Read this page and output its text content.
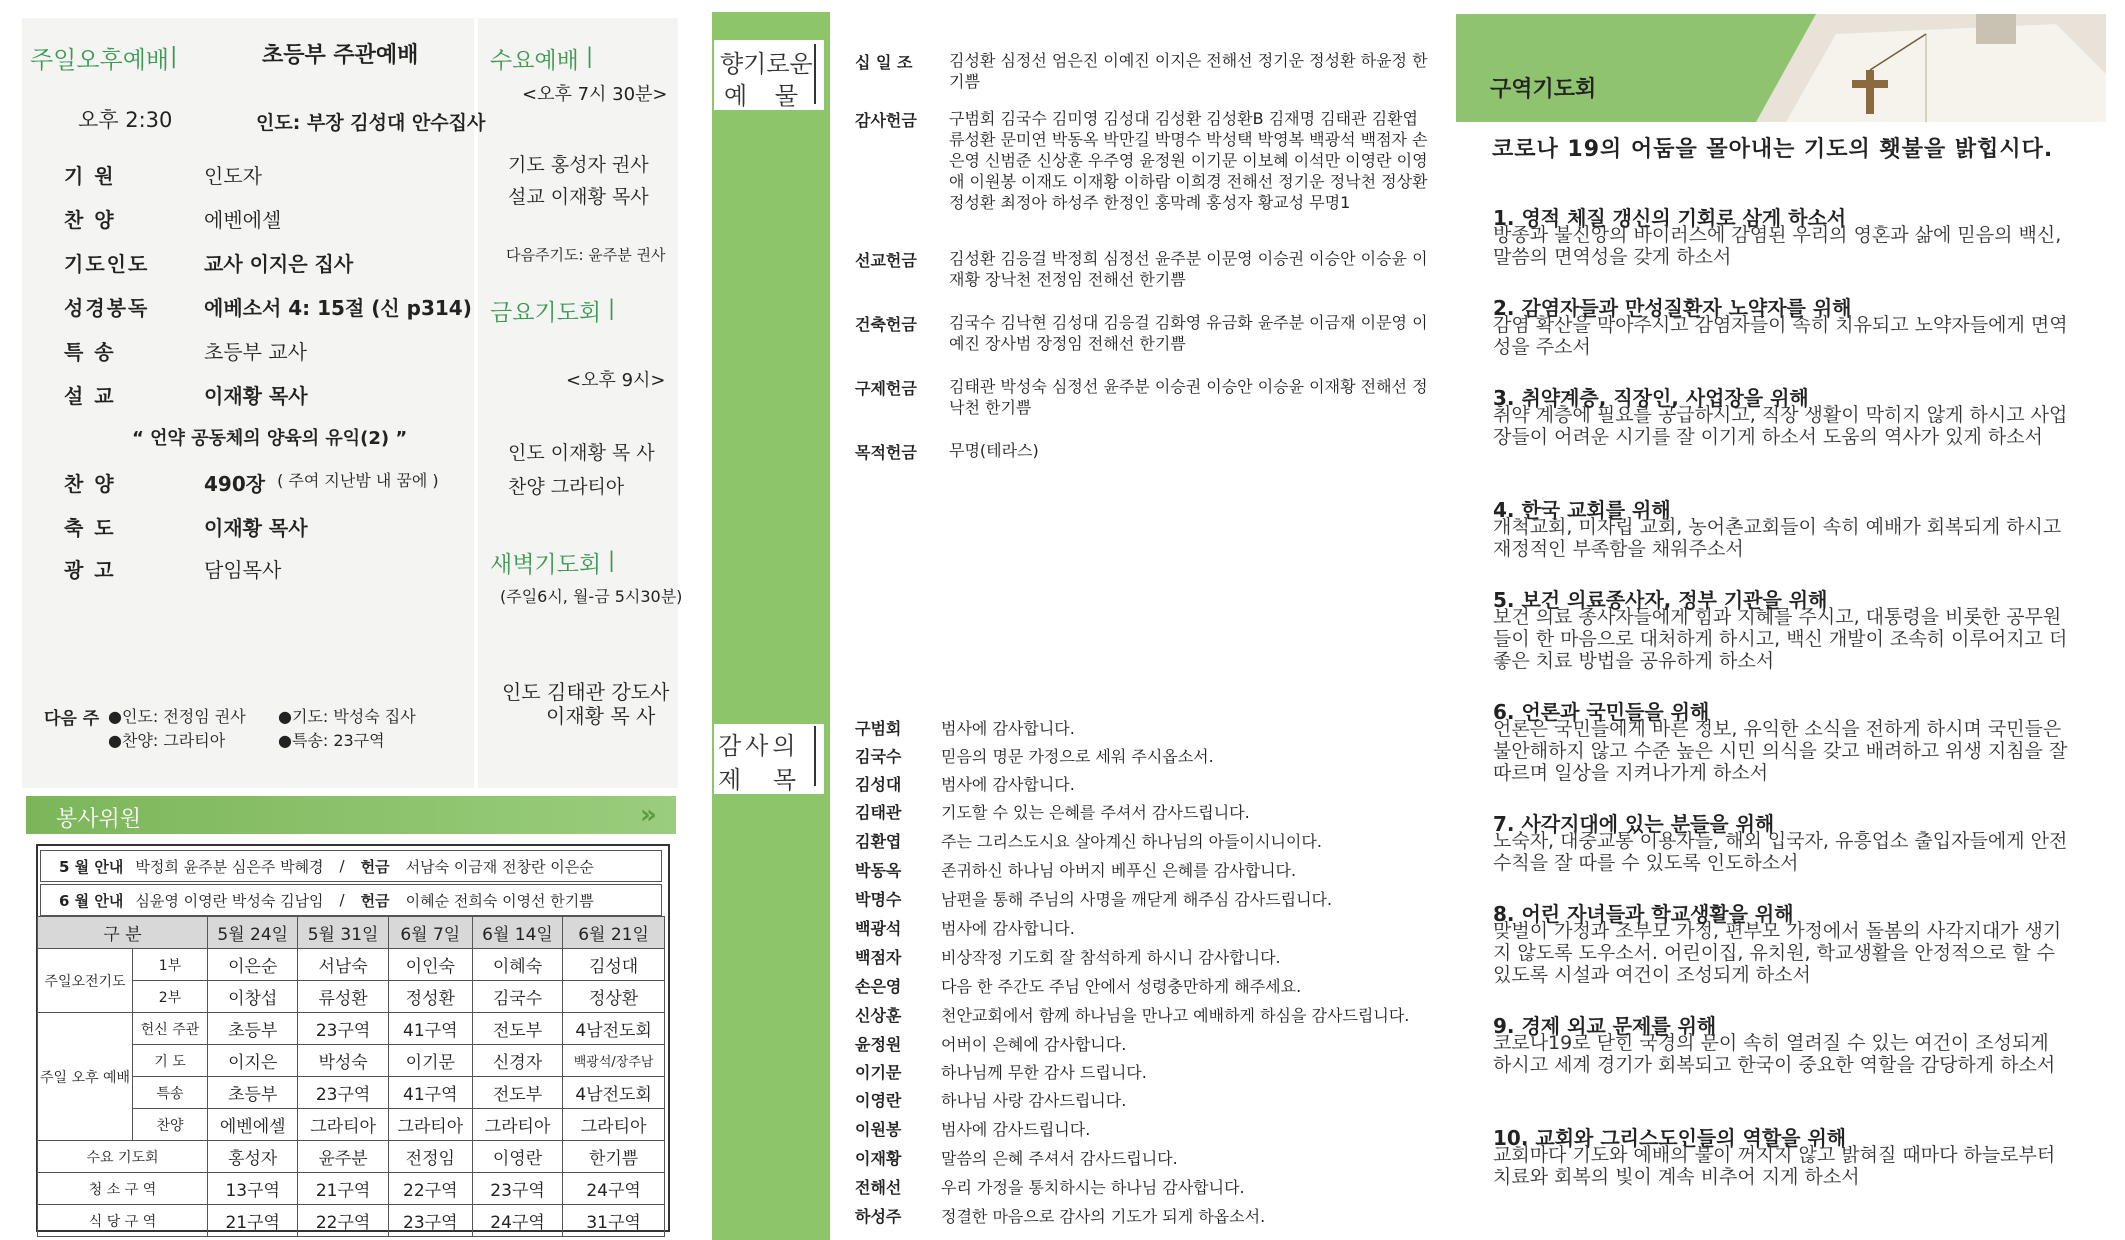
주일오후예배 |	초등부 주관예배
오후 2:30	인도: 부장 김성대 안수집사
기 원	인도자
찬 양	에벤에셀
기도인도	교사 이지은 집사
성경봉독	에베소서 4: 15절 (신 p314)
특 송	초등부 교사
설 교	이재황 목사
“ 언약 공동체의 양육의 유익(2) ”
찬 양	490장 ( 주여 지난밤 내 꿈에 )
축 도	이재황 목사
광 고	담임목사
다음 주 ●인도: 전정임 권사 ●기도: 박성숙 집사
●찬양: 그라티아	●특송: 23구역
수요예배 |
<오후 7시 30분>
기도 홍성자 권사
설교 이재황 목사
다음주기도: 윤주분 권사
금요기도회 |
<오후 9시>
인도 이재황 목 사
찬양 그라티아
새벽기도회 |
(주일6시, 월-금 5시30분)
인도 김태관 강도사
이재황 목 사
봉사위원	»
5 월 안내 박정희 윤주분 심은주 박혜경 / 헌금 서남숙 이금재 전창란 이은순
6 월 안내 심윤영 이영란 박성숙 김남임 / 헌금 이혜순 전희숙 이영선 한기쁨
구 분		5월 24일	5월 31일	6월 7일	6월 14일	6월 21일
주일오전기도	1부	이은순	서남숙	이인숙	이혜숙	김성대
	2부	이창섭	류성환	정성환	김국수	정상환
주일 오후 예배	헌신 주관	초등부	23구역	41구역	전도부	4남전도회
	기 도	이지은	박성숙	이기문	신경자	백광석/장주남
	특송	초등부	23구역	41구역	전도부	4남전도회
	찬양	에벤에셀	그라티아	그라티아	그라티아	그라티아
수요 기도회		홍성자	윤주분	전정임	이영란	한기쁨
청 소 구 역		13구역	21구역	22구역	23구역	24구역
식 당 구 역		21구역	22구역	23구역	24구역	31구역
향기로운
예 물
감사의
제 목
십 일 조	김성환 심정선 엄은진 이예진 이지은 전해선 정기운 정성환 하윤정 한기쁨
감사헌금	구범회 김국수 김미영 김성대 김성환 김성환B 김재명 김태관 김환엽 류성환 문미연 박동옥 박만길 박명수 박성택 박영복 백광석 백점자 손은영 신범준 신상훈 우주영 윤정원 이기문 이보혜 이석만 이영란 이영애 이원봉 이재도 이재황 이하람 이희경 전해선 정기운 정낙천 정상환 정성환 최정아 하성주 한정인 홍막례 홍성자 황교성 무명1
선교헌금	김성환 김응걸 박정희 심정선 윤주분 이문영 이승권 이승안 이승윤 이재황 장낙천 전정임 전해선 한기쁨
건축헌금	김국수 김낙현 김성대 김응걸 김화영 유금화 윤주분 이금재 이문영 이예진 장사범 장정임 전해선 한기쁨
구제헌금	김태관 박성숙 심정선 윤주분 이승권 이승안 이승윤 이재황 전해선 정낙천 한기쁨
목적헌금	무명(테라스)
구범회	범사에 감사합니다.
김국수	믿음의 명문 가정으로 세워 주시옵소서.
김성대	범사에 감사합니다.
김태관	기도할 수 있는 은혜를 주셔서 감사드립니다.
김환엽	주는 그리스도시요 살아계신 하나님의 아들이시니이다.
박동옥	존귀하신 하나님 아버지 베푸신 은혜를 감사합니다.
박명수	남편을 통해 주님의 사명을 깨닫게 해주심 감사드립니다.
백광석	범사에 감사합니다.
백점자	비상작정 기도회 잘 참석하게 하시니 감사합니다.
손은영	다음 한 주간도 주님 안에서 성령충만하게 해주세요.
신상훈	천안교회에서 함께 하나님을 만나고 예배하게 하심을 감사드립니다.
윤정원	어버이 은혜에 감사합니다.
이기문	하나님께 무한 감사 드립니다.
이영란	하나님 사랑 감사드립니다.
이원봉	범사에 감사드립니다.
이재황	말씀의 은혜 주셔서 감사드립니다.
전해선	우리 가정을 통치하시는 하나님 감사합니다.
하성주	정결한 마음으로 감사의 기도가 되게 하옵소서.
구역기도회
코로나 19의 어둠을 몰아내는 기도의 횃불을 밝힙시다.
1. 영적 체질 갱신의 기회로 삼게 하소서
방종과 불신앙의 바이러스에 감염된 우리의 영혼과 삶에 믿음의 백신, 말씀의 면역성을 갖게 하소서
2. 감염자들과 만성질환자 노약자를 위해
감염 확산을 막아주시고 감염자들이 속히 치유되고 노약자들에게 면역성을 주소서
3. 취약계층, 직장인, 사업장을 위해
취약 계층에 필요를 공급하시고, 직장 생활이 막히지 않게 하시고 사업장들이 어려운 시기를 잘 이기게 하소서 도움의 역사가 있게 하소서
4. 한국 교회를 위해
개척교회, 미자립 교회, 농어촌교회들이 속히 예배가 회복되게 하시고 재정적인 부족함을 채워주소서
5. 보건 의료종사자, 정부 기관을 위해
보건 의료 종사자들에게 힘과 지혜를 주시고, 대통령을 비롯한 공무원들이 한 마음으로 대처하게 하시고, 백신 개발이 조속히 이루어지고 더 좋은 치료 방법을 공유하게 하소서
6. 언론과 국민들을 위해
언론은 국민들에게 바른 정보, 유익한 소식을 전하게 하시며 국민들은 불안해하지 않고 수준 높은 시민 의식을 갖고 배려하고 위생 지침을 잘 따르며 일상을 지켜나가게 하소서
7. 사각지대에 있는 분들을 위해
노숙자, 대중교통 이용자들, 해외 입국자, 유흥업소 출입자들에게 안전 수칙을 잘 따를 수 있도록 인도하소서
8. 어린 자녀들과 학교생활을 위해
맞벌이 가정과 조부모 가정, 편부모 가정에서 돌봄의 사각지대가 생기지 않도록 도우소서. 어린이집, 유치원, 학교생활을 안정적으로 할 수 있도록 시설과 여건이 조성되게 하소서
9. 경제 외교 문제를 위해
코로나19로 닫힌 국경의 문이 속히 열려질 수 있는 여건이 조성되게 하시고 세계 경기가 회복되고 한국이 중요한 역할을 감당하게 하소서
10. 교회와 그리스도인들의 역할을 위해
교회마다 기도와 예배의 불이 꺼지지 않고 밝혀질 때마다 하늘로부터 치료와 회복의 빛이 계속 비추어 지게 하소서
